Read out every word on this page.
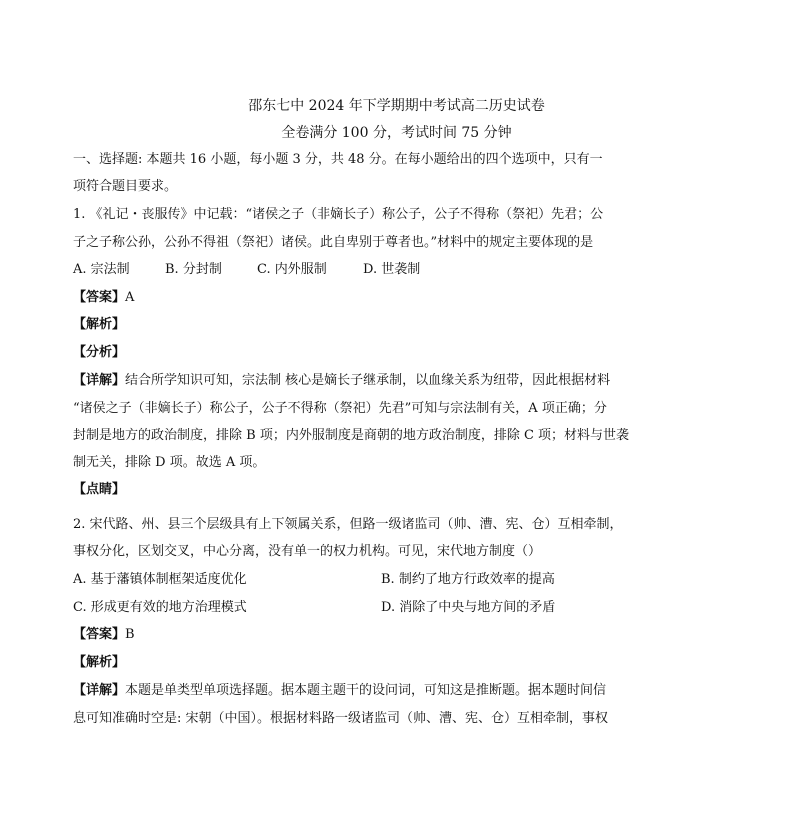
邵东七中 2024 年下学期期中考试高二历史试卷
全卷满分 100 分，考试时间 75 分钟
一、选择题: 本题共 16 小题，每小题 3 分，共 48 分。在每小题给出的四个选项中，只有一
项符合题目要求。
1. 《礼记・丧服传》中记载：“诸侯之子（非嫡长子）称公子，公子不得称（祭祀）先君；公
子之子称公孙，公孙不得祖（祭祀）诸侯。此自卑别于尊者也。”材料中的规定主要体现的是
A. 宗法制	B. 分封制	C. 内外服制	D. 世袭制
【答案】A
【解析】
【分析】
【详解】结合所学知识可知，宗法制 核心是嫡长子继承制，以血缘关系为纽带，因此根据材料
“诸侯之子（非嫡长子）称公子，公子不得称（祭祀）先君”可知与宗法制有关，A 项正确；分
封制是地方的政治制度，排除 B 项；内外服制度是商朝的地方政治制度，排除 C 项；材料与世袭
制无关，排除 D 项。故选 A 项。
【点睛】
2. 宋代路、州、县三个层级具有上下领属关系，但路一级诸监司（帅、漕、宪、仓）互相牵制，
事权分化，区划交叉，中心分离，没有单一的权力机构。可见，宋代地方制度（）
A. 基于藩镇体制框架适度优化	B. 制约了地方行政效率的提高
C. 形成更有效的地方治理模式	D. 消除了中央与地方间的矛盾
【答案】B
【解析】
【详解】本题是单类型单项选择题。据本题主题干的设问词，可知这是推断题。据本题时间信
息可知准确时空是: 宋朝（中国）。根据材料路一级诸监司（帅、漕、宪、仓）互相牵制，事权
